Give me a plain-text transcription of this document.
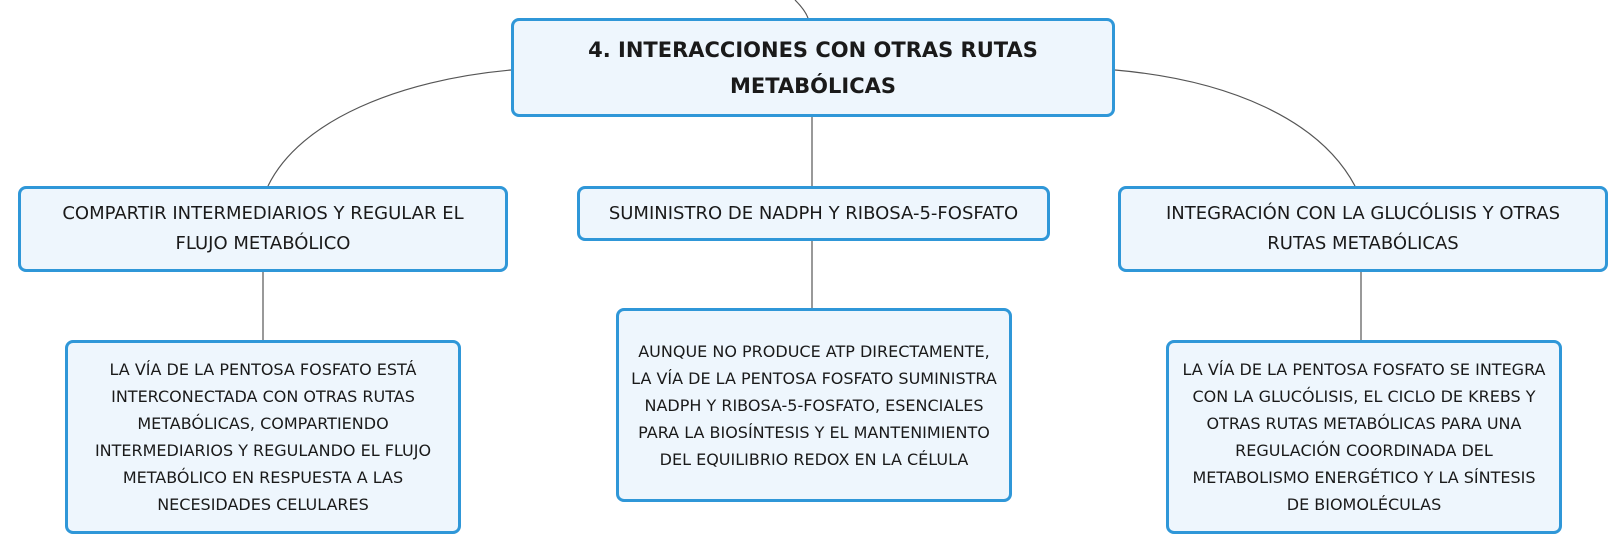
4. INTERACCIONES CON OTRAS RUTAS METABÓLICAS
COMPARTIR INTERMEDIARIOS Y REGULAR EL FLUJO METABÓLICO
SUMINISTRO DE NADPH Y RIBOSA-5-FOSFATO	INTEGRACIÓN CON LA GLUCÓLISIS Y OTRAS RUTAS METABÓLICAS
LA VÍA DE LA PENTOSA FOSFATO ESTÁ INTERCONECTADA CON OTRAS RUTAS METABÓLICAS, COMPARTIENDO INTERMEDIARIOS Y REGULANDO EL FLUJO METABÓLICO EN RESPUESTA A LAS NECESIDADES CELULARES
AUNQUE NO PRODUCE ATP DIRECTAMENTE, LA VÍA DE LA PENTOSA FOSFATO SUMINISTRA NADPH Y RIBOSA-5-FOSFATO, ESENCIALES PARA LA BIOSÍNTESIS Y EL MANTENIMIENTO DEL EQUILIBRIO REDOX EN LA CÉLULA
LA VÍA DE LA PENTOSA FOSFATO SE INTEGRA CON LA GLUCÓLISIS, EL CICLO DE KREBS Y OTRAS RUTAS METABÓLICAS PARA UNA REGULACIÓN COORDINADA DEL METABOLISMO ENERGÉTICO Y LA SÍNTESIS DE BIOMOLÉCULAS
